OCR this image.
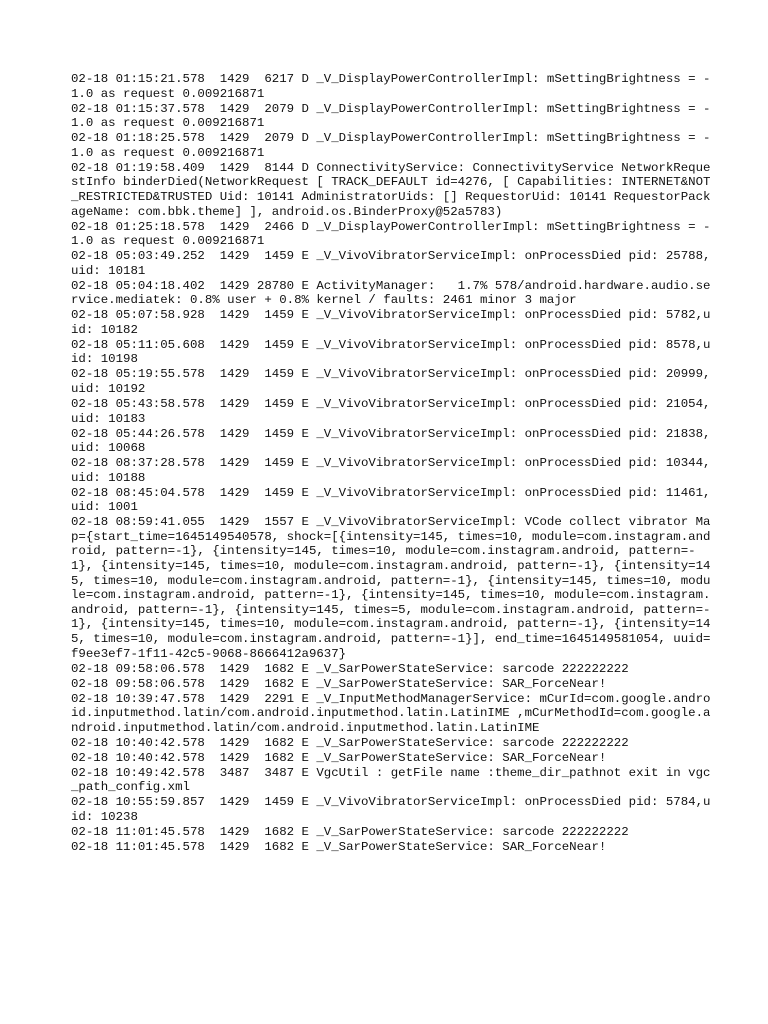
02-18 01:15:21.578  1429  6217 D _V_DisplayPowerControllerImpl: mSettingBrightness = -1.0 as request 0.009216871
02-18 01:15:37.578  1429  2079 D _V_DisplayPowerControllerImpl: mSettingBrightness = -1.0 as request 0.009216871
02-18 01:18:25.578  1429  2079 D _V_DisplayPowerControllerImpl: mSettingBrightness = -1.0 as request 0.009216871
02-18 01:19:58.409  1429  8144 D ConnectivityService: ConnectivityService NetworkRequestInfo binderDied(NetworkRequest [ TRACK_DEFAULT id=4276, [ Capabilities: INTERNET&NOT_RESTRICTED&TRUSTED Uid: 10141 AdministratorUids: [] RequestorUid: 10141 RequestorPackageName: com.bbk.theme] ], android.os.BinderProxy@52a5783)
02-18 01:25:18.578  1429  2466 D _V_DisplayPowerControllerImpl: mSettingBrightness = -1.0 as request 0.009216871
02-18 05:03:49.252  1429  1459 E _V_VivoVibratorServiceImpl: onProcessDied pid: 25788,uid: 10181
02-18 05:04:18.402  1429 28780 E ActivityManager:   1.7% 578/android.hardware.audio.service.mediatek: 0.8% user + 0.8% kernel / faults: 2461 minor 3 major
02-18 05:07:58.928  1429  1459 E _V_VivoVibratorServiceImpl: onProcessDied pid: 5782,uid: 10182
02-18 05:11:05.608  1429  1459 E _V_VivoVibratorServiceImpl: onProcessDied pid: 8578,uid: 10198
02-18 05:19:55.578  1429  1459 E _V_VivoVibratorServiceImpl: onProcessDied pid: 20999,uid: 10192
02-18 05:43:58.578  1429  1459 E _V_VivoVibratorServiceImpl: onProcessDied pid: 21054,uid: 10183
02-18 05:44:26.578  1429  1459 E _V_VivoVibratorServiceImpl: onProcessDied pid: 21838,uid: 10068
02-18 08:37:28.578  1429  1459 E _V_VivoVibratorServiceImpl: onProcessDied pid: 10344,uid: 10188
02-18 08:45:04.578  1429  1459 E _V_VivoVibratorServiceImpl: onProcessDied pid: 11461,uid: 1001
02-18 08:59:41.055  1429  1557 E _V_VivoVibratorServiceImpl: VCode collect vibrator Map={start_time=1645149540578, shock=[{intensity=145, times=10, module=com.instagram.android, pattern=-1}, {intensity=145, times=10, module=com.instagram.android, pattern=-1}, {intensity=145, times=10, module=com.instagram.android, pattern=-1}, {intensity=145, times=10, module=com.instagram.android, pattern=-1}, {intensity=145, times=10, module=com.instagram.android, pattern=-1}, {intensity=145, times=10, module=com.instagram.android, pattern=-1}, {intensity=145, times=5, module=com.instagram.android, pattern=-1}, {intensity=145, times=10, module=com.instagram.android, pattern=-1}, {intensity=145, times=10, module=com.instagram.android, pattern=-1}], end_time=1645149581054, uuid=f9ee3ef7-1f11-42c5-9068-8666412a9637}
02-18 09:58:06.578  1429  1682 E _V_SarPowerStateService: sarcode 222222222
02-18 09:58:06.578  1429  1682 E _V_SarPowerStateService: SAR_ForceNear!
02-18 10:39:47.578  1429  2291 E _V_InputMethodManagerService: mCurId=com.google.android.inputmethod.latin/com.android.inputmethod.latin.LatinIME ,mCurMethodId=com.google.android.inputmethod.latin/com.android.inputmethod.latin.LatinIME
02-18 10:40:42.578  1429  1682 E _V_SarPowerStateService: sarcode 222222222
02-18 10:40:42.578  1429  1682 E _V_SarPowerStateService: SAR_ForceNear!
02-18 10:49:42.578  3487  3487 E VgcUtil : getFile name :theme_dir_pathnot exit in vgc_path_config.xml
02-18 10:55:59.857  1429  1459 E _V_VivoVibratorServiceImpl: onProcessDied pid: 5784,uid: 10238
02-18 11:01:45.578  1429  1682 E _V_SarPowerStateService: sarcode 222222222
02-18 11:01:45.578  1429  1682 E _V_SarPowerStateService: SAR_ForceNear!
